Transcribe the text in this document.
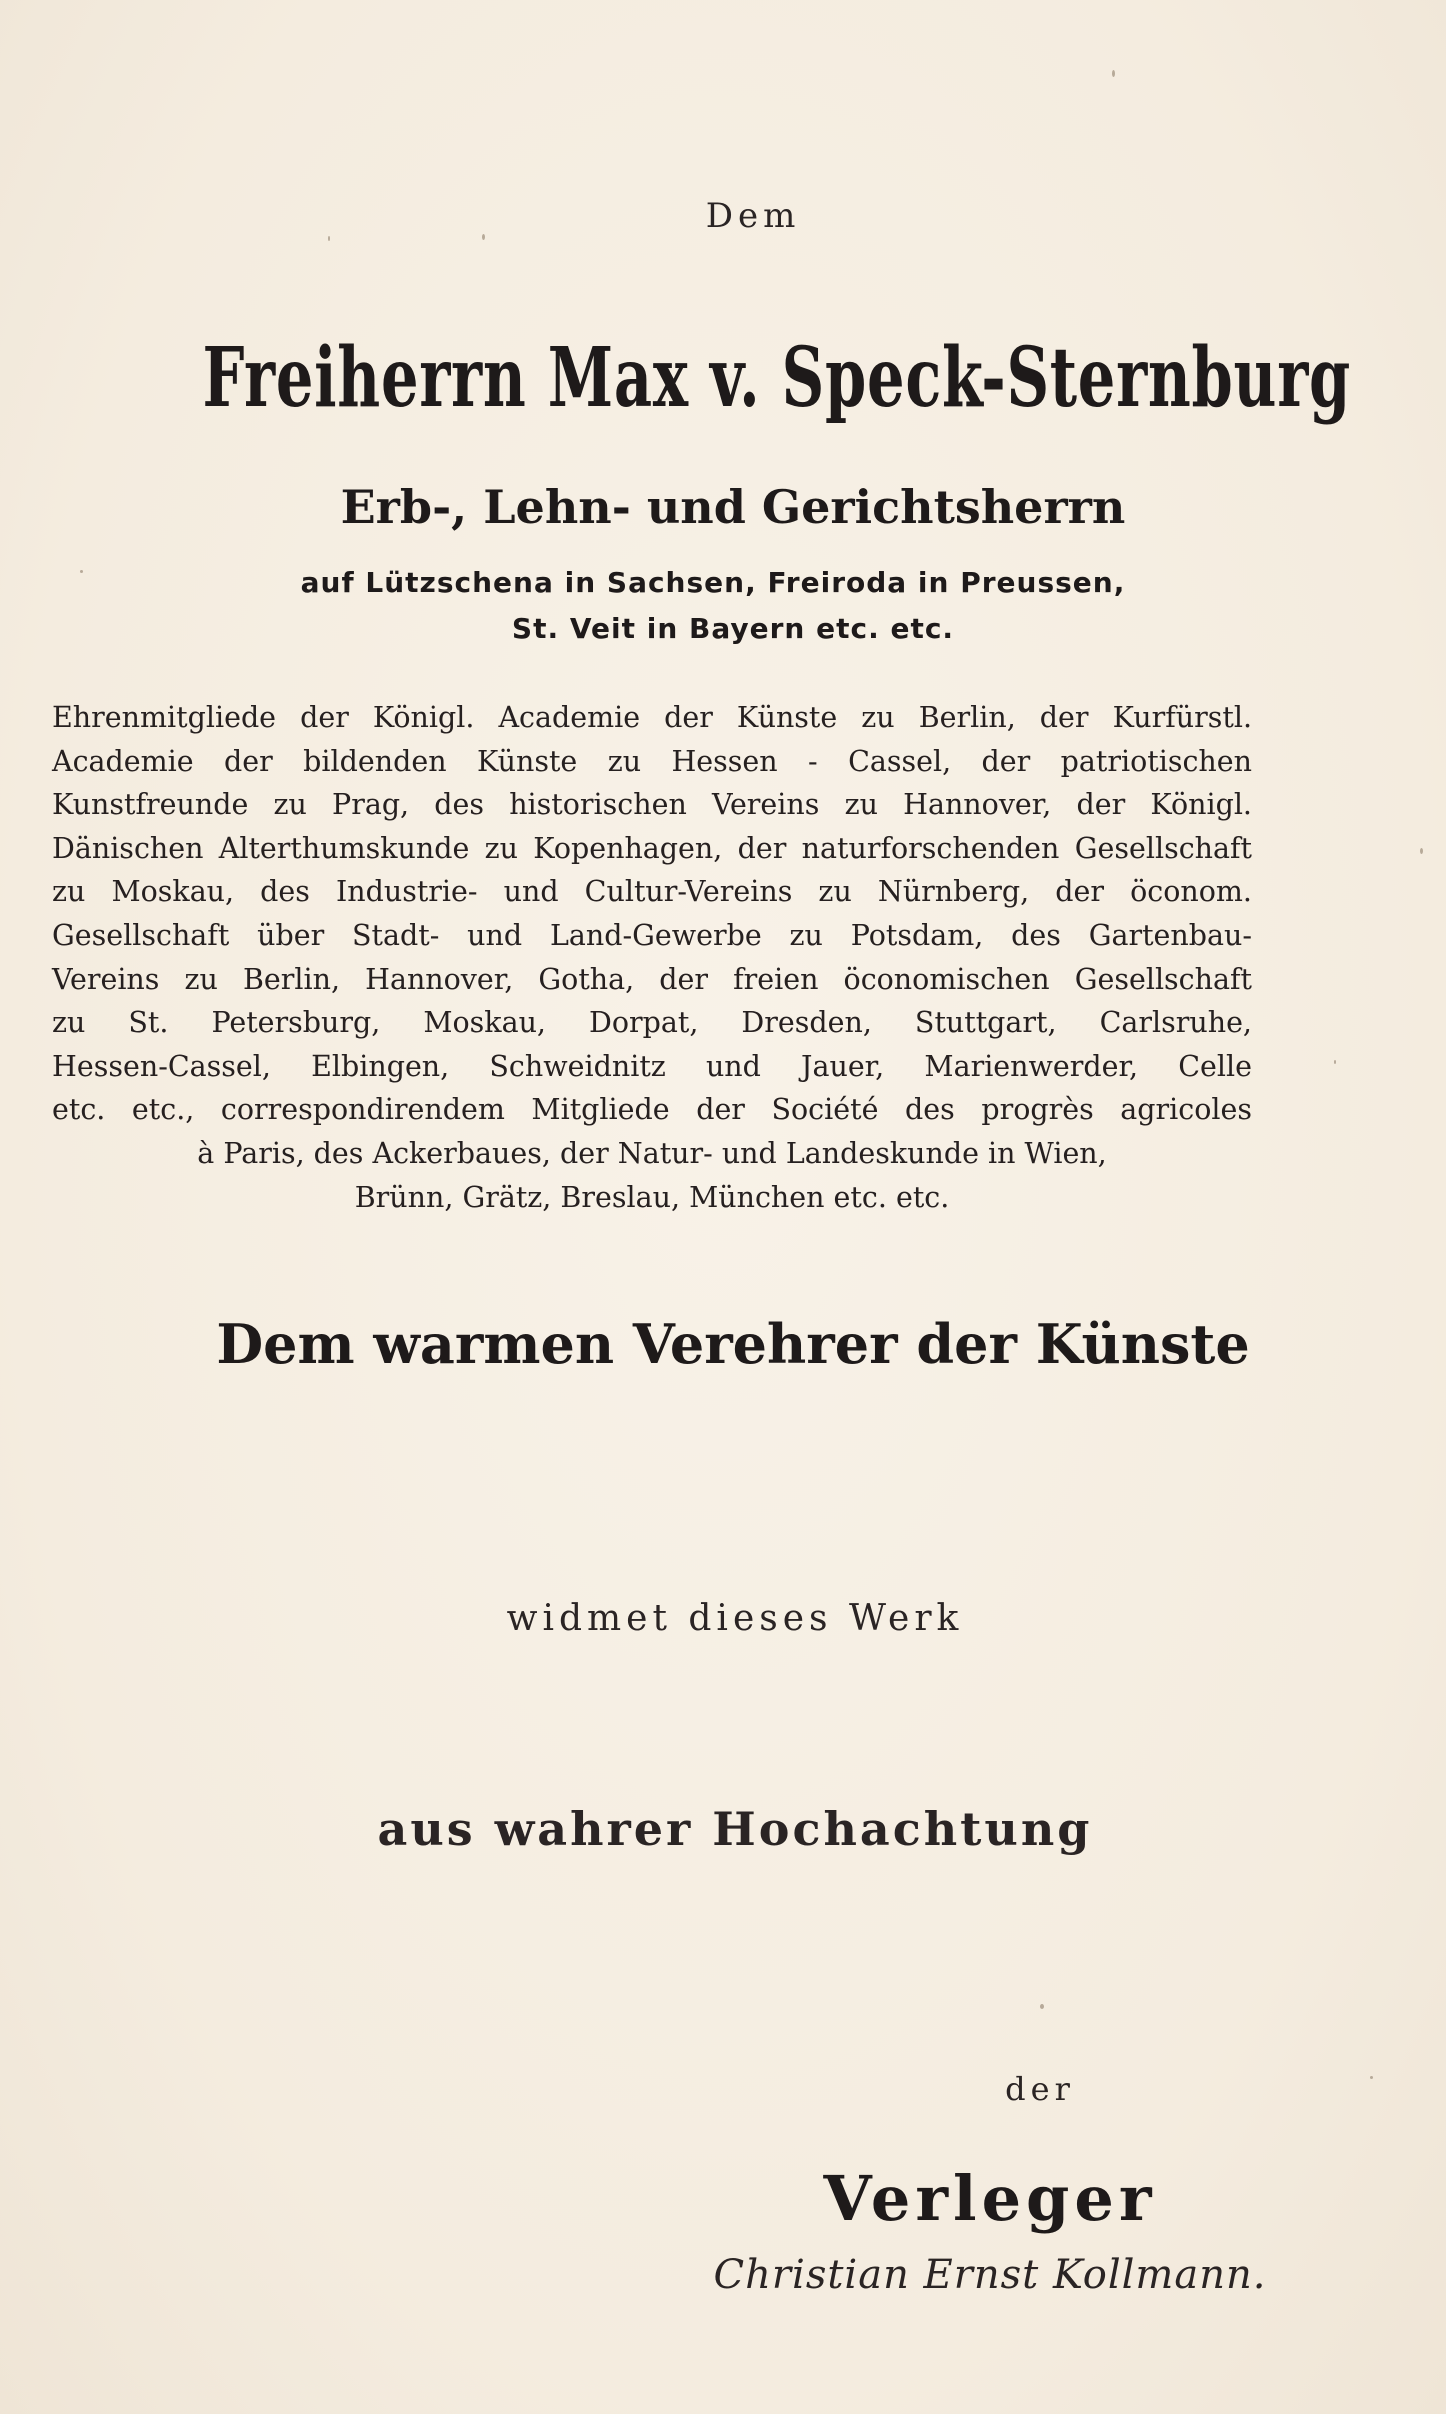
Dem
Freiherrn Max v. Speck-Sternburg
Erb-, Lehn- und Gerichtsherrn
auf Lützschena in Sachsen, Freiroda in Preussen,
St. Veit in Bayern etc. etc.
Ehrenmitgliede der Königl. Academie der Künste zu Berlin, der Kurfürstl.
Academie der bildenden Künste zu Hessen - Cassel, der patriotischen
Kunstfreunde zu Prag, des historischen Vereins zu Hannover, der Königl.
Dänischen Alterthumskunde zu Kopenhagen, der naturforschenden Gesellschaft
zu Moskau, des Industrie- und Cultur-Vereins zu Nürnberg, der öconom.
Gesellschaft über Stadt- und Land-Gewerbe zu Potsdam, des Gartenbau-
Vereins zu Berlin, Hannover, Gotha, der freien öconomischen Gesellschaft
zu St. Petersburg, Moskau, Dorpat, Dresden, Stuttgart, Carlsruhe,
Hessen-Cassel, Elbingen, Schweidnitz und Jauer, Marienwerder, Celle
etc. etc., correspondirendem Mitgliede der Société des progrès agricoles
à Paris, des Ackerbaues, der Natur- und Landeskunde in Wien,
Brünn, Grätz, Breslau, München etc. etc.
Dem warmen Verehrer der Künste
widmet dieses Werk
aus wahrer Hochachtung
der
Verleger
Christian Ernst Kollmann.
